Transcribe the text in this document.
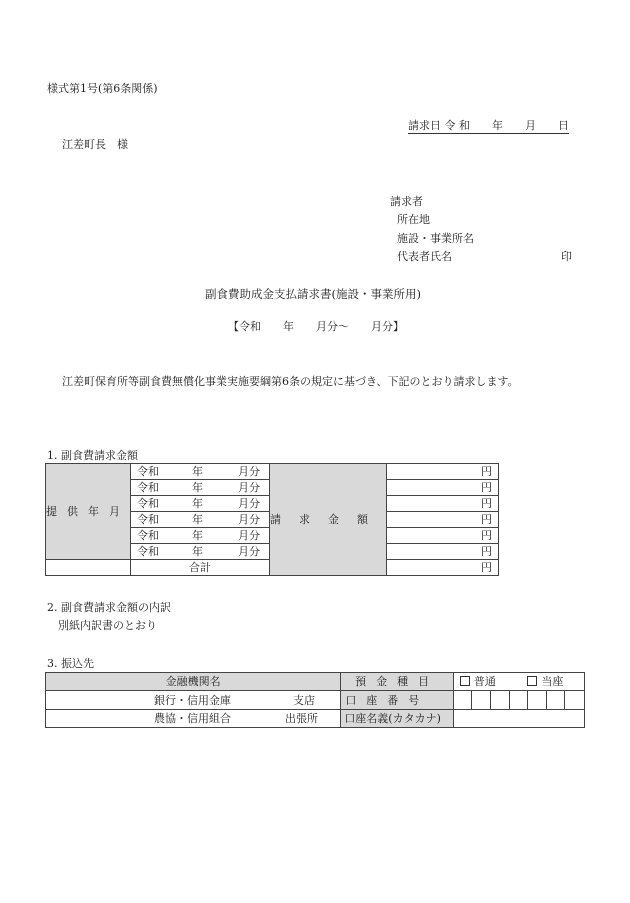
様式第1号(第6条関係)
請求日 令 和　　年　　月　　日
江差町長　様
請求者
所在地
施設・事業所名
代表者氏名	印
副食費助成金支払請求書(施設・事業所用)
【令和　　年　　月分～　　月分】
江差町保育所等副食費無償化事業実施要綱第6条の規定に基づき、下記のとおり請求します。
1. 副食費請求金額
提供年月	令和 年 月分	請求金額	円
	令和 年 月分		円
	令和 年 月分		円
	令和 年 月分		円
	令和 年 月分		円
	令和 年 月分		円
	合計		円
2. 副食費請求金額の内訳
別紙内訳書のとおり
3. 振込先
金融機関名	預金種目	普通 当座						
銀行・信用金庫 支店	口座番号							
農協・信用組合 出張所	口座名義(カタカナ)							
